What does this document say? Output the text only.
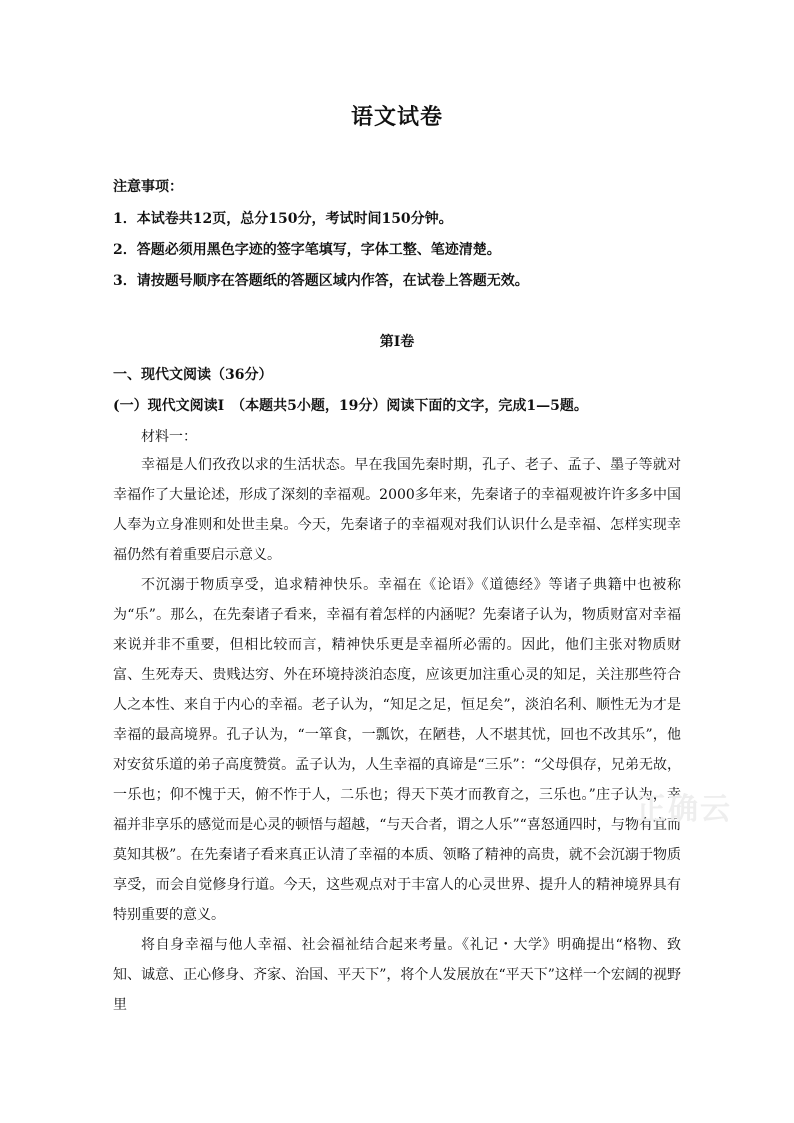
语文试卷
注意事项：
1．本试卷共12页，总分150分，考试时间150分钟。
2．答题必须用黑色字迹的签字笔填写，字体工整、笔迹清楚。
3．请按题号顺序在答题纸的答题区域内作答，在试卷上答题无效。
第Ⅰ卷
一、现代文阅读（36分）
(一）现代文阅读Ⅰ　（本题共5小题，19分）阅读下面的文字，完成1—5题。
材料一：

幸福是人们孜孜以求的生活状态。早在我国先秦时期，孔子、老子、孟子、墨子等就对幸福作了大量论述，形成了深刻的幸福观。2000多年来，先秦诸子的幸福观被许许多多中国人奉为立身准则和处世圭臬。今天，先秦诸子的幸福观对我们认识什么是幸福、怎样实现幸福仍然有着重要启示意义。

不沉溺于物质享受，追求精神快乐。幸福在《论语》《道德经》等诸子典籍中也被称为“乐”。那么，在先秦诸子看来，幸福有着怎样的内涵呢？先秦诸子认为，物质财富对幸福来说并非不重要，但相比较而言，精神快乐更是幸福所必需的。因此，他们主张对物质财富、生死寿天、贵贱达穷、外在环境持淡泊态度，应该更加注重心灵的知足，关注那些符合人之本性、来自于内心的幸福。老子认为，“知足之足，恒足矣”，淡泊名利、顺性无为才是幸福的最高境界。孔子认为，“一箪食，一瓢饮，在陋巷，人不堪其忧，回也不改其乐”，他对安贫乐道的弟子高度赞赏。孟子认为，人生幸福的真谛是“三乐”：“父母俱存，兄弟无故，一乐也；仰不愧于天，俯不怍于人，二乐也；得天下英才而教育之，三乐也。”庄子认为，幸福并非享乐的感觉而是心灵的顿悟与超越，“与天合者，谓之人乐”“喜怒通四时，与物有宜而莫知其极”。在先秦诸子看来真正认清了幸福的本质、领略了精神的高贵，就不会沉溺于物质享受，而会自觉修身行道。今天，这些观点对于丰富人的心灵世界、提升人的精神境界具有特别重要的意义。

将自身幸福与他人幸福、社会福祉结合起来考量。《礼记・大学》明确提出“格物、致知、诚意、正心修身、齐家、治国、平天下”，将个人发展放在“平天下”这样一个宏阔的视野里

正确云
